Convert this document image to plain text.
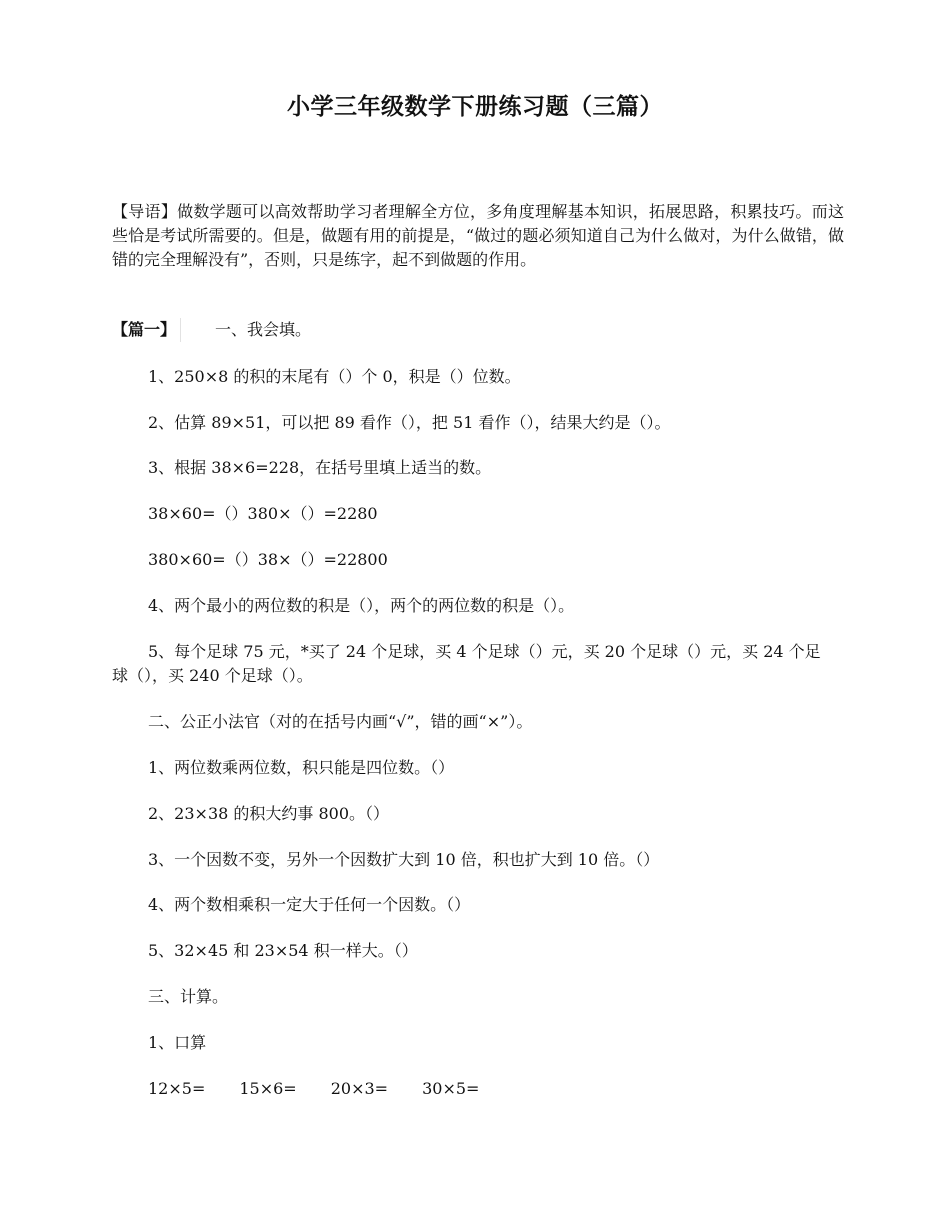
小学三年级数学下册练习题（三篇）

【导语】做数学题可以高效帮助学习者理解全方位，多角度理解基本知识，拓展思路，积累技巧。而这些恰是考试所需要的。但是，做题有用的前提是，“做过的题必须知道自己为什么做对，为什么做错，做错的完全理解没有”，否则，只是练字，起不到做题的作用。

【篇一】 一、我会填。

1、250×8 的积的末尾有（）个 0，积是（）位数。

2、估算 89×51，可以把 89 看作（），把 51 看作（），结果大约是（）。

3、根据 38×6=228，在括号里填上适当的数。

38×60=（）380×（）=2280

380×60=（）38×（）=22800

4、两个最小的两位数的积是（），两个的两位数的积是（）。

5、每个足球 75 元，*买了 24 个足球，买 4 个足球（）元，买 20 个足球（）元，买 24 个足球（），买 240 个足球（）。

二、公正小法官（对的在括号内画“√”，错的画“×”）。

1、两位数乘两位数，积只能是四位数。（）

2、23×38 的积大约事 800。（）

3、一个因数不变，另外一个因数扩大到 10 倍，积也扩大到 10 倍。（）

4、两个数相乘积一定大于任何一个因数。（）

5、32×45 和 23×54 积一样大。（）

三、计算。

1、口算

12×5= 15×6= 20×3= 30×5=
